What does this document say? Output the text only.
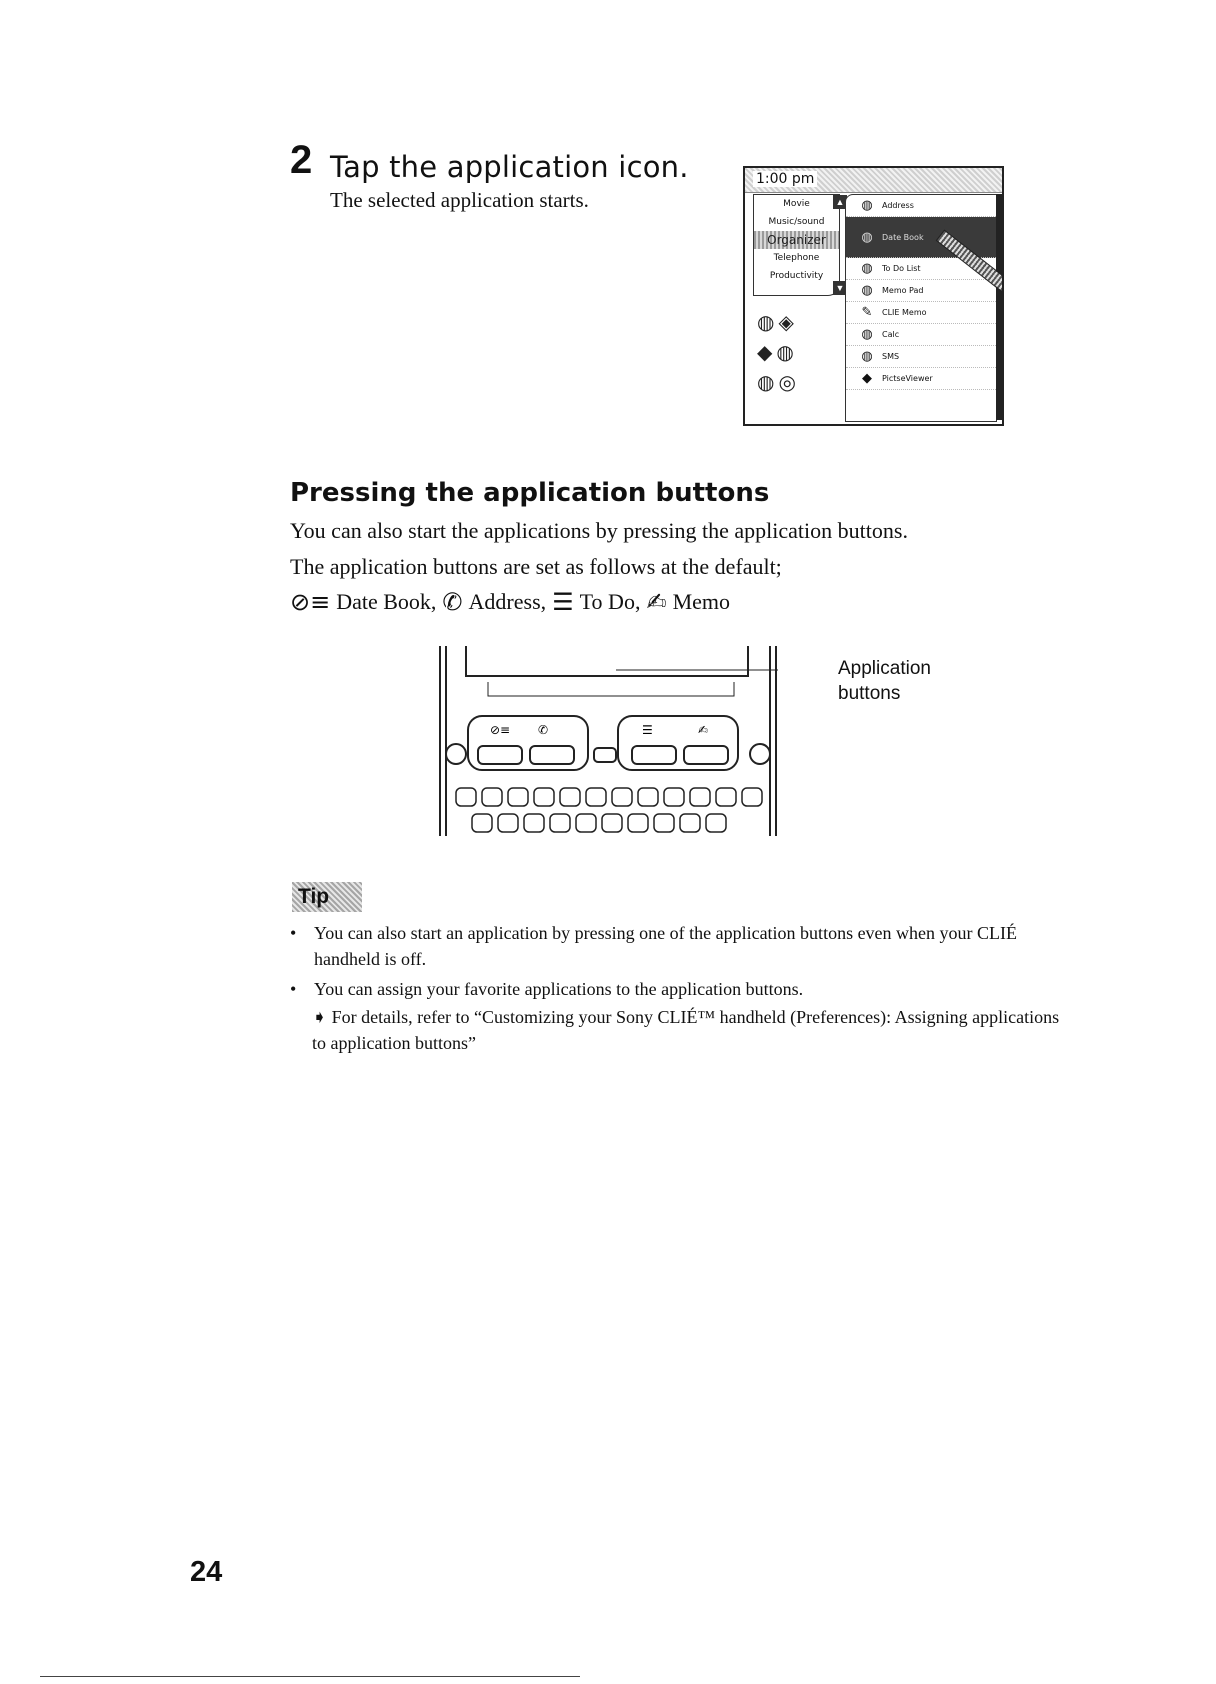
2 Tap the application icon.
The selected application starts.
1:00 pm
Movie
Music/sound
Organizer
Telephone
Productivity
▲
▼
◍◈
◆◍
◍◎
◍ Address
◍ Date Book
◍ To Do List
◍ Memo Pad
✎ CLIE Memo
◍ Calc
◍ SMS
◆ PictseViewer
Pressing the application buttons
You can also start the applications by pressing the application buttons.
The application buttons are set as follows at the default;
⊘≡ Date Book, ✆ Address, ☰ To Do, ✍ Memo
⊘≡ ✆	☰	✍
Application
buttons
Tip
• You can also start an application by pressing one of the application buttons even when your CLIÉ handheld is off.
• You can assign your favorite applications to the application buttons.
➧ For details, refer to “Customizing your Sony CLIÉ™ handheld (Preferences): Assigning applications to application buttons”
24
